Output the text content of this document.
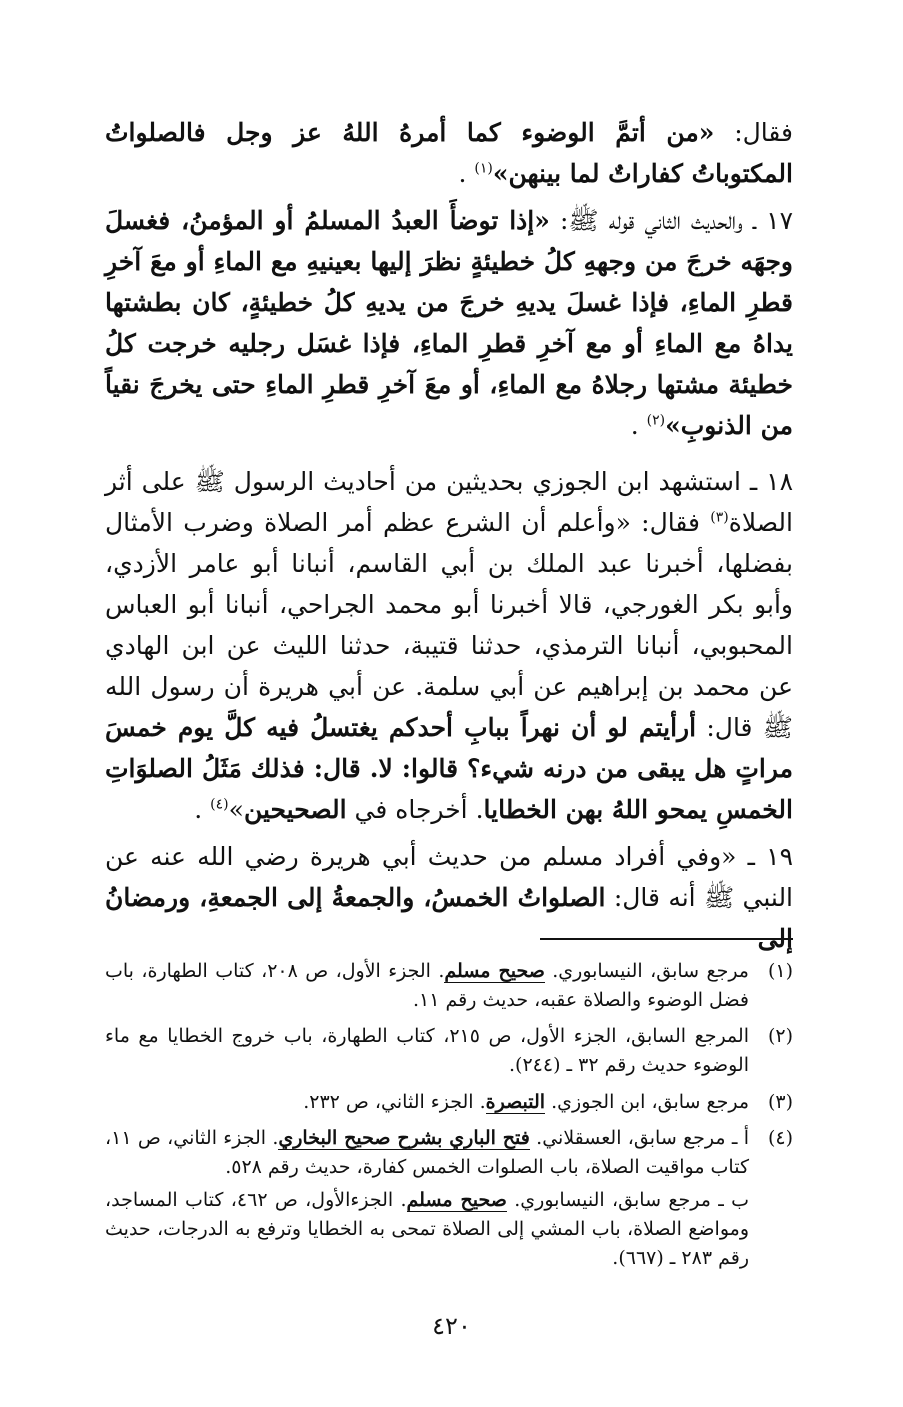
فقال: «من أتمَّ الوضوء كما أمرهُ اللهُ عز وجل فالصلواتُ المكتوباتُ كفاراتٌ لما بينهن»$^{(١)}$ .
١٧ ـ والحديث الثاني قوله ﷺ: «إذا توضأَ العبدُ المسلمُ أو المؤمنُ، فغسلَ وجهَه خرجَ من وجههِ كلُ خطيئةٍ نظرَ إليها بعينيهِ مع الماءِ أو معَ آخرِ قطرِ الماءِ، فإذا غسلَ يديهِ خرجَ من يديهِ كلُ خطيئةٍ، كان بطشتها يداهُ مع الماءِ أو مع آخرِ قطرِ الماءِ، فإذا غسَل رجليه خرجت كلُ خطيئة مشتها رجلاهُ مع الماءِ، أو معَ آخرِ قطرِ الماءِ حتى يخرجَ نقياً من الذنوبِ»$^{(٢)}$ .
١٨ ـ استشهد ابن الجوزي بحديثين من أحاديث الرسول ﷺ على أثر الصلاة$^{(٣)}$ فقال: «وأعلم أن الشرع عظم أمر الصلاة وضرب الأمثال بفضلها، أخبرنا عبد الملك بن أبي القاسم، أنبانا أبو عامر الأزدي، وأبو بكر الغورجي، قالا أخبرنا أبو محمد الجراحي، أنبانا أبو العباس المحبوبي، أنبانا الترمذي، حدثنا قتيبة، حدثنا الليث عن ابن الهادي عن محمد بن إبراهيم عن أبي سلمة. عن أبي هريرة أن رسول الله ﷺ قال: أرأيتم لو أن نهراً ببابِ أحدكم يغتسلُ فيه كلَّ يوم خمسَ مراتٍ هل يبقى من درنه شيء؟ قالوا: لا. قال: فذلك مَثَلُ الصلوَاتِ الخمسِ يمحو اللهُ بهن الخطايا. أخرجاه في الصحيحين»$^{(٤)}$ .
١٩ ـ «وفي أفراد مسلم من حديث أبي هريرة رضي الله عنه عن النبي ﷺ أنه قال: الصلواتُ الخمسُ، والجمعةُ إلى الجمعةِ، ورمضانُ إلى
(١)
مرجع سابق، النيسابوري. صحيح مسلم. الجزء الأول، ص ٢٠٨، كتاب الطهارة، باب فضل الوضوء والصلاة عقبه، حديث رقم ١١.
(٢)
المرجع السابق، الجزء الأول، ص ٢١٥، كتاب الطهارة، باب خروج الخطايا مع ماء الوضوء حديث رقم ٣٢ ـ (٢٤٤).
(٣)
مرجع سابق، ابن الجوزي. التبصرة. الجزء الثاني، ص ٢٣٢.
(٤)
أ ـ مرجع سابق، العسقلاني. فتح الباري بشرح صحيح البخاري. الجزء الثاني، ص ١١، كتاب مواقيت الصلاة، باب الصلوات الخمس كفارة، حديث رقم ٥٢٨.
ب ـ مرجع سابق، النيسابوري. صحيح مسلم. الجزءالأول، ص ٤٦٢، كتاب المساجد، ومواضع الصلاة، باب المشي إلى الصلاة تمحى به الخطايا وترفع به الدرجات، حديث رقم ٢٨٣ ـ (٦٦٧).
٤٢٠
